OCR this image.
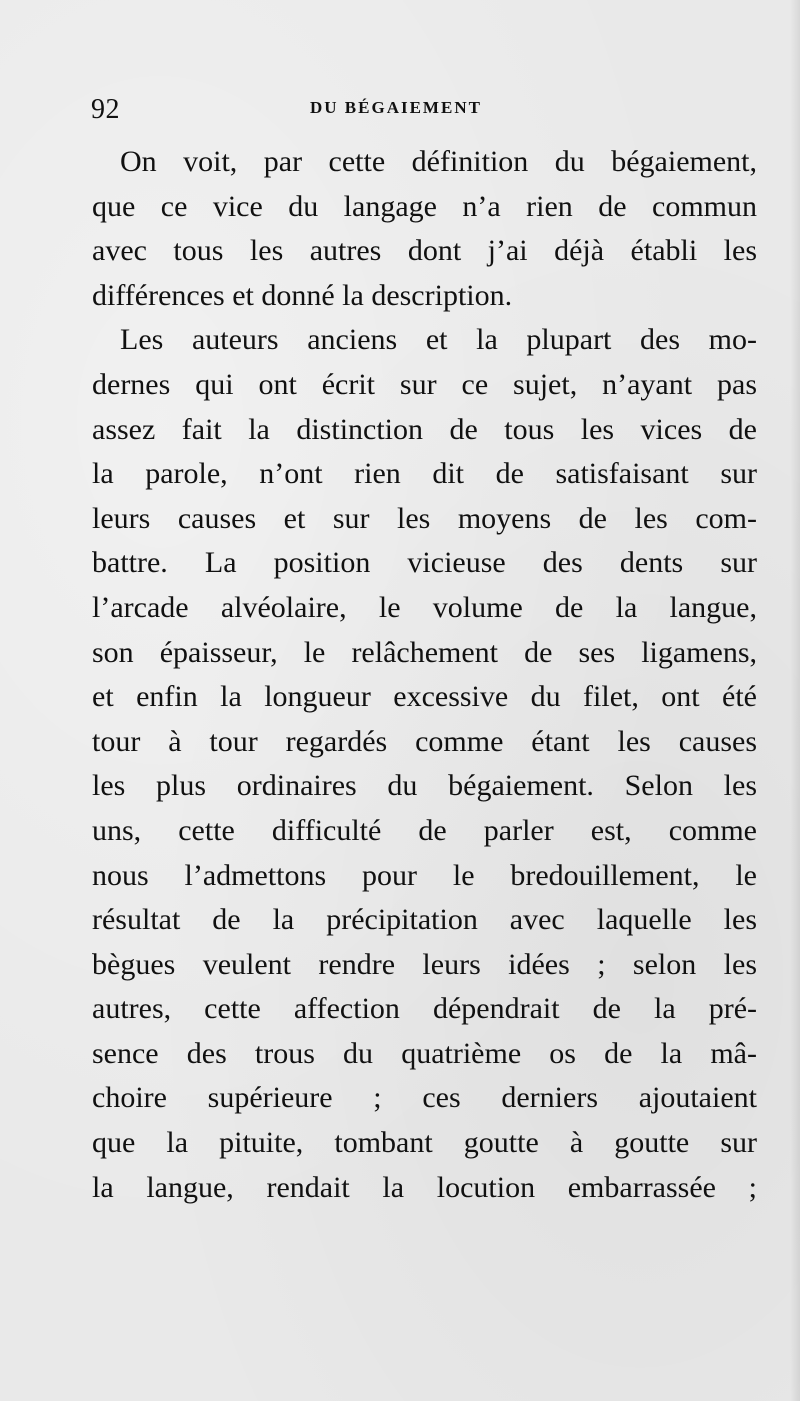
92	DU BÉGAIEMENT
On voit, par cette définition du bégaiement,
que ce vice du langage n’a rien de commun
avec tous les autres dont j’ai déjà établi les
différences et donné la description.
Les auteurs anciens et la plupart des mo-
dernes qui ont écrit sur ce sujet, n’ayant pas
assez fait la distinction de tous les vices de
la parole, n’ont rien dit de satisfaisant sur
leurs causes et sur les moyens de les com-
battre. La position vicieuse des dents sur
l’arcade alvéolaire, le volume de la langue,
son épaisseur, le relâchement de ses ligamens,
et enfin la longueur excessive du filet, ont été
tour à tour regardés comme étant les causes
les plus ordinaires du bégaiement. Selon les
uns, cette difficulté de parler est, comme
nous l’admettons pour le bredouillement, le
résultat de la précipitation avec laquelle les
bègues veulent rendre leurs idées ; selon les
autres, cette affection dépendrait de la pré-
sence des trous du quatrième os de la mâ-
choire supérieure ; ces derniers ajoutaient
que la pituite, tombant goutte à goutte sur
la langue, rendait la locution embarrassée ;
